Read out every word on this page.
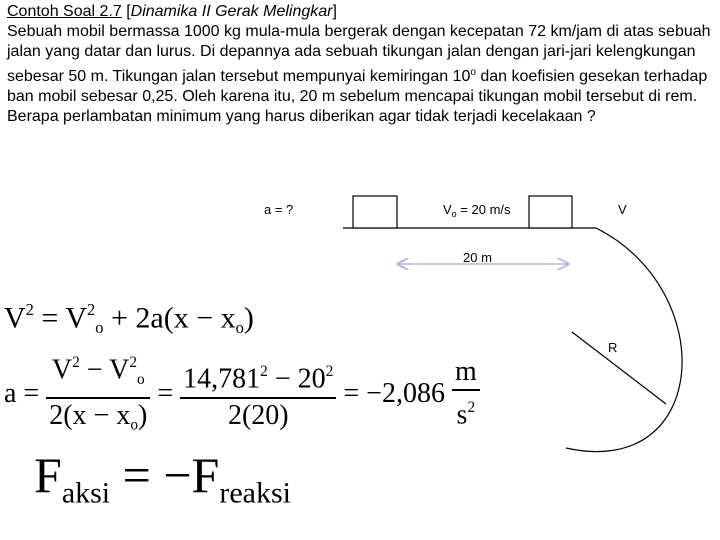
Contoh Soal 2.7 [Dinamika II Gerak Melingkar]
Sebuah mobil bermassa 1000 kg mula-mula bergerak dengan kecepatan 72 km/jam di atas sebuah jalan yang datar dan lurus. Di depannya ada sebuah tikungan jalan dengan jari-jari kelengkungan sebesar 50 m. Tikungan jalan tersebut mempunyai kemiringan 10$^o$ dan koefisien gesekan terhadap ban mobil sebesar 0,25. Oleh karena itu, 20 m sebelum mencapai tikungan mobil tersebut di rem. Berapa perlambatan minimum yang harus diberikan agar tidak terjadi kecelakaan ?

a = ?	$V_o = 20$ m/s	V
20 m
R
$V^2 = V^2_o + 2a(x - x_o)$
$a = \frac{V^2 - V^2_o}{2(x - x_o)} = \frac{14,781^2 - 20^2}{2(20)} = -2,086 \frac{m}{s^2}$
$F_{aksi} = -F_{reaksi}$
